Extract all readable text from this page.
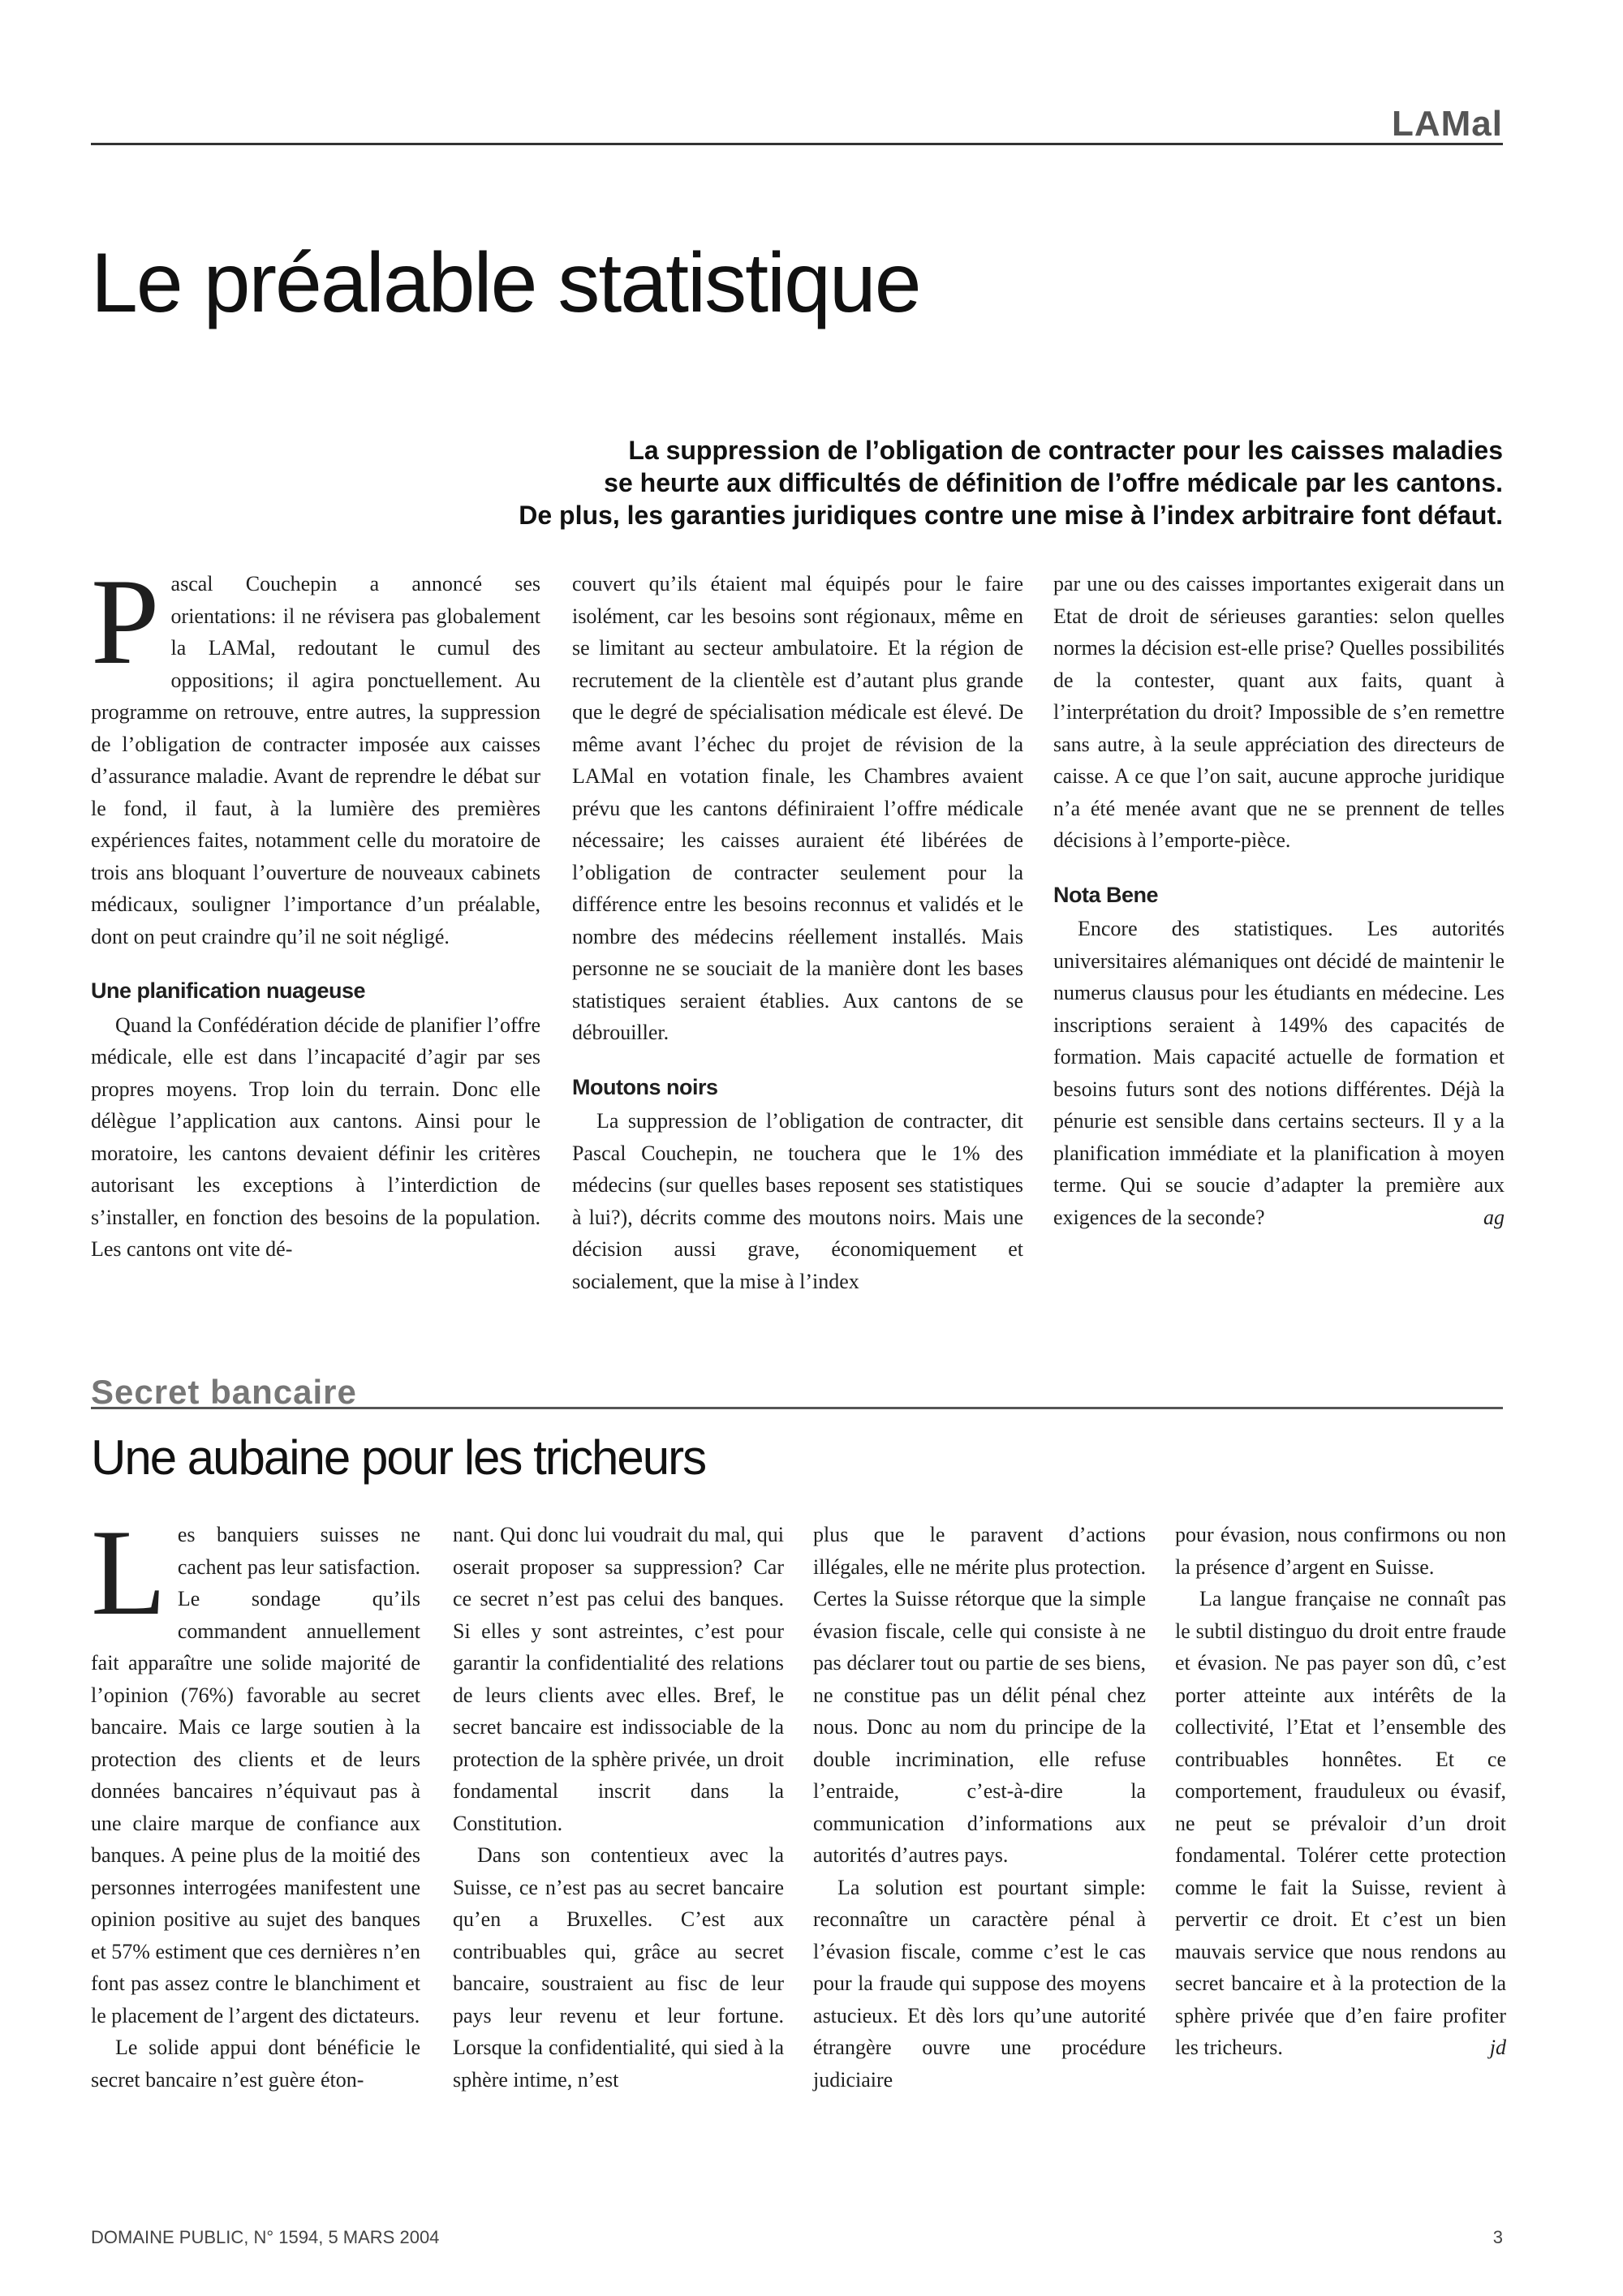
LAMal
Le préalable statistique
La suppression de l’obligation de contracter pour les caisses maladies
se heurte aux difficultés de définition de l’offre médicale par les cantons.
De plus, les garanties juridiques contre une mise à l’index arbitraire font défaut.

Pascal Couchepin a annoncé ses orientations: il ne révisera pas globalement la LAMal, redoutant le cumul des oppositions; il agira ponctuellement. Au programme on retrouve, entre autres, la suppression de l’obligation de contracter imposée aux caisses d’assurance maladie. Avant de reprendre le débat sur le fond, il faut, à la lumière des premières expériences faites, notamment celle du moratoire de trois ans bloquant l’ouverture de nouveaux cabinets médicaux, souligner l’importance d’un préalable, dont on peut craindre qu’il ne soit négligé.

Une planification nuageuse

Quand la Confédération décide de planifier l’offre médicale, elle est dans l’incapacité d’agir par ses propres moyens. Trop loin du terrain. Donc elle délègue l’application aux cantons. Ainsi pour le moratoire, les cantons devaient définir les critères autorisant les exceptions à l’interdiction de s’installer, en fonction des besoins de la population. Les cantons ont vite dé-

couvert qu’ils étaient mal équipés pour le faire isolément, car les besoins sont régionaux, même en se limitant au secteur ambulatoire. Et la région de recrutement de la clientèle est d’autant plus grande que le degré de spécialisation médicale est élevé. De même avant l’échec du projet de révision de la LAMal en votation finale, les Chambres avaient prévu que les cantons définiraient l’offre médicale nécessaire; les caisses auraient été libérées de l’obligation de contracter seulement pour la différence entre les besoins reconnus et validés et le nombre des médecins réellement installés. Mais personne ne se souciait de la manière dont les bases statistiques seraient établies. Aux cantons de se débrouiller.

Moutons noirs

La suppression de l’obligation de contracter, dit Pascal Couchepin, ne touchera que le 1% des médecins (sur quelles bases reposent ses statistiques à lui?), décrits comme des moutons noirs. Mais une décision aussi grave, économiquement et socialement, que la mise à l’index

par une ou des caisses importantes exigerait dans un Etat de droit de sérieuses garanties: selon quelles normes la décision est-elle prise? Quelles possibilités de la contester, quant aux faits, quant à l’interprétation du droit? Impossible de s’en remettre sans autre, à la seule appréciation des directeurs de caisse. A ce que l’on sait, aucune approche juridique n’a été menée avant que ne se prennent de telles décisions à l’emporte-pièce.

Nota Bene

Encore des statistiques. Les autorités universitaires alémaniques ont décidé de maintenir le numerus clausus pour les étudiants en médecine. Les inscriptions seraient à 149% des capacités de formation. Mais capacité actuelle de formation et besoins futurs sont des notions différentes. Déjà la pénurie est sensible dans certains secteurs. Il y a la planification immédiate et la planification à moyen terme. Qui se soucie d’adapter la première aux exigences de la seconde?	ag

Secret bancaire
Une aubaine pour les tricheurs

Les banquiers suisses ne cachent pas leur satisfaction. Le sondage qu’ils commandent annuellement fait apparaître une solide majorité de l’opinion (76%) favorable au secret bancaire. Mais ce large soutien à la protection des clients et de leurs données bancaires n’équivaut pas à une claire marque de confiance aux banques. A peine plus de la moitié des personnes interrogées manifestent une opinion positive au sujet des banques et 57% estiment que ces dernières n’en font pas assez contre le blanchiment et le placement de l’argent des dictateurs.

Le solide appui dont bénéficie le secret bancaire n’est guère éton-

nant. Qui donc lui voudrait du mal, qui oserait proposer sa suppression? Car ce secret n’est pas celui des banques. Si elles y sont astreintes, c’est pour garantir la confidentialité des relations de leurs clients avec elles. Bref, le secret bancaire est indissociable de la protection de la sphère privée, un droit fondamental inscrit dans la Constitution.

Dans son contentieux avec la Suisse, ce n’est pas au secret bancaire qu’en a Bruxelles. C’est aux contribuables qui, grâce au secret bancaire, soustraient au fisc de leur pays leur revenu et leur fortune. Lorsque la confidentialité, qui sied à la sphère intime, n’est

plus que le paravent d’actions illégales, elle ne mérite plus protection. Certes la Suisse rétorque que la simple évasion fiscale, celle qui consiste à ne pas déclarer tout ou partie de ses biens, ne constitue pas un délit pénal chez nous. Donc au nom du principe de la double incrimination, elle refuse l’entraide, c’est-à-dire la communication d’informations aux autorités d’autres pays.

La solution est pourtant simple: reconnaître un caractère pénal à l’évasion fiscale, comme c’est le cas pour la fraude qui suppose des moyens astucieux. Et dès lors qu’une autorité étrangère ouvre une procédure judiciaire

pour évasion, nous confirmons ou non la présence d’argent en Suisse.

La langue française ne connaît pas le subtil distinguo du droit entre fraude et évasion. Ne pas payer son dû, c’est porter atteinte aux intérêts de la collectivité, l’Etat et l’ensemble des contribuables honnêtes. Et ce comportement, frauduleux ou évasif, ne peut se prévaloir d’un droit fondamental. Tolérer cette protection comme le fait la Suisse, revient à pervertir ce droit. Et c’est un bien mauvais service que nous rendons au secret bancaire et à la protection de la sphère privée que d’en faire profiter les tricheurs.	jd

DOMAINE PUBLIC, N° 1594, 5 MARS 2004	3
